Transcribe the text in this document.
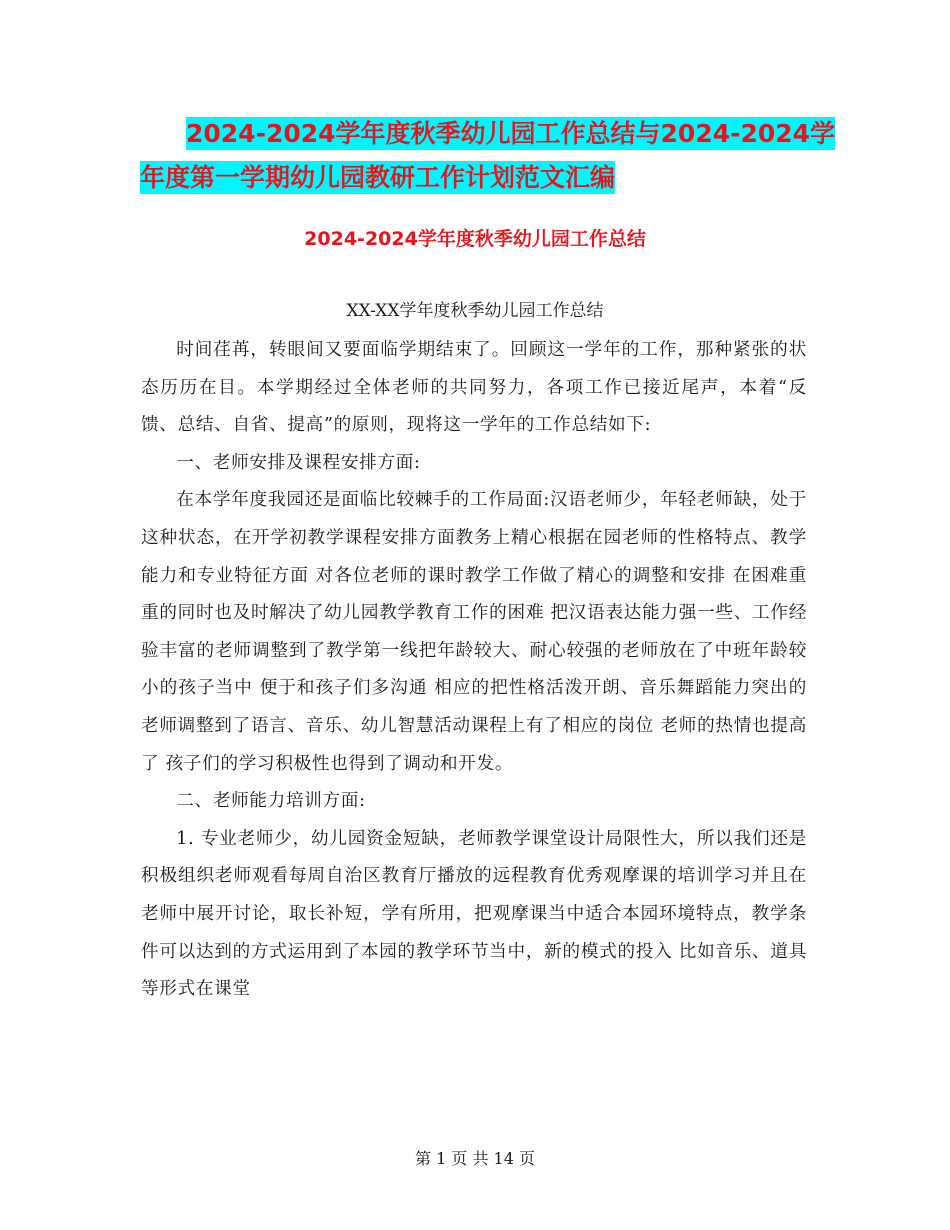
2024-2024学年度秋季幼儿园工作总结与2024-2024学
年度第一学期幼儿园教研工作计划范文汇编
2024-2024学年度秋季幼儿园工作总结
XX-XX学年度秋季幼儿园工作总结

时间荏苒，转眼间又要面临学期结束了。回顾这一学年的工作，那种紧张的状态历历在目。本学期经过全体老师的共同努力，各项工作已接近尾声，本着“反馈、总结、自省、提高”的原则，现将这一学年的工作总结如下:

一、老师安排及课程安排方面:

在本学年度我园还是面临比较棘手的工作局面:汉语老师少，年轻老师缺，处于这种状态，在开学初教学课程安排方面教务上精心根据在园老师的性格特点、教学能力和专业特征方面 对各位老师的课时教学工作做了精心的调整和安排 在困难重重的同时也及时解决了幼儿园教学教育工作的困难 把汉语表达能力强一些、工作经验丰富的老师调整到了教学第一线把年龄较大、耐心较强的老师放在了中班年龄较小的孩子当中 便于和孩子们多沟通 相应的把性格活泼开朗、音乐舞蹈能力突出的老师调整到了语言、音乐、幼儿智慧活动课程上有了相应的岗位 老师的热情也提高了 孩子们的学习积极性也得到了调动和开发。

二、老师能力培训方面:

1. 专业老师少，幼儿园资金短缺，老师教学课堂设计局限性大，所以我们还是积极组织老师观看每周自治区教育厅播放的远程教育优秀观摩课的培训学习并且在老师中展开讨论，取长补短，学有所用，把观摩课当中适合本园环境特点，教学条件可以达到的方式运用到了本园的教学环节当中，新的模式的投入 比如音乐、道具等形式在课堂

第 1 页 共 14 页
